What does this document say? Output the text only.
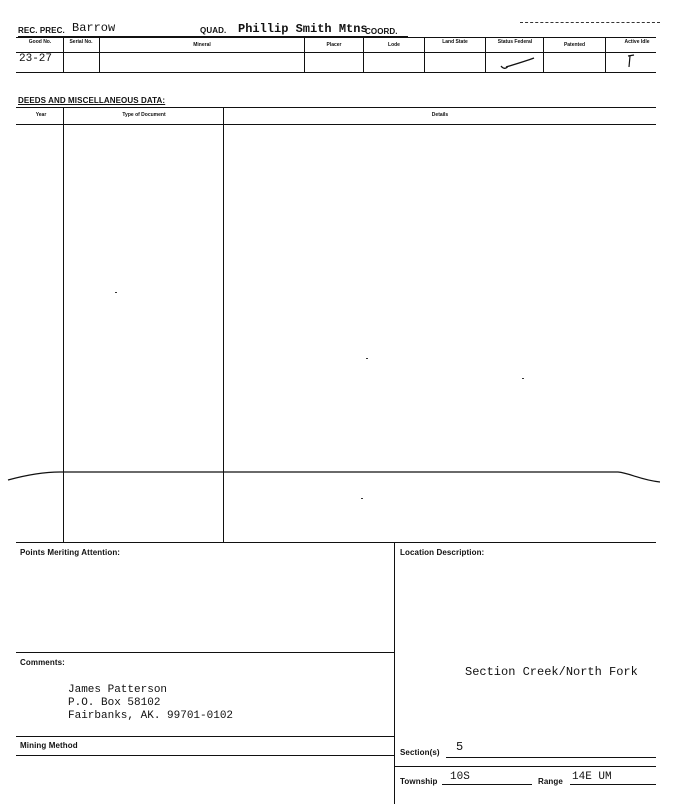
REC. PREC. Barrow	QUAD. Phillip Smith Mtns
COORD.
Good No.	Serial No.	Mineral	Placer	Lode	Land State	Status Federal	Patented	Active Idle
23-27
DEEDS AND MISCELLANEOUS DATA:
Year	Type of Document	Details
Points Meriting Attention:	Location Description:
Comments:
Section Creek/North Fork
James Patterson
P.O. Box 58102
Fairbanks, AK. 99701-0102
Mining Method
Section(s) 5
Township 10S	Range 14E UM
